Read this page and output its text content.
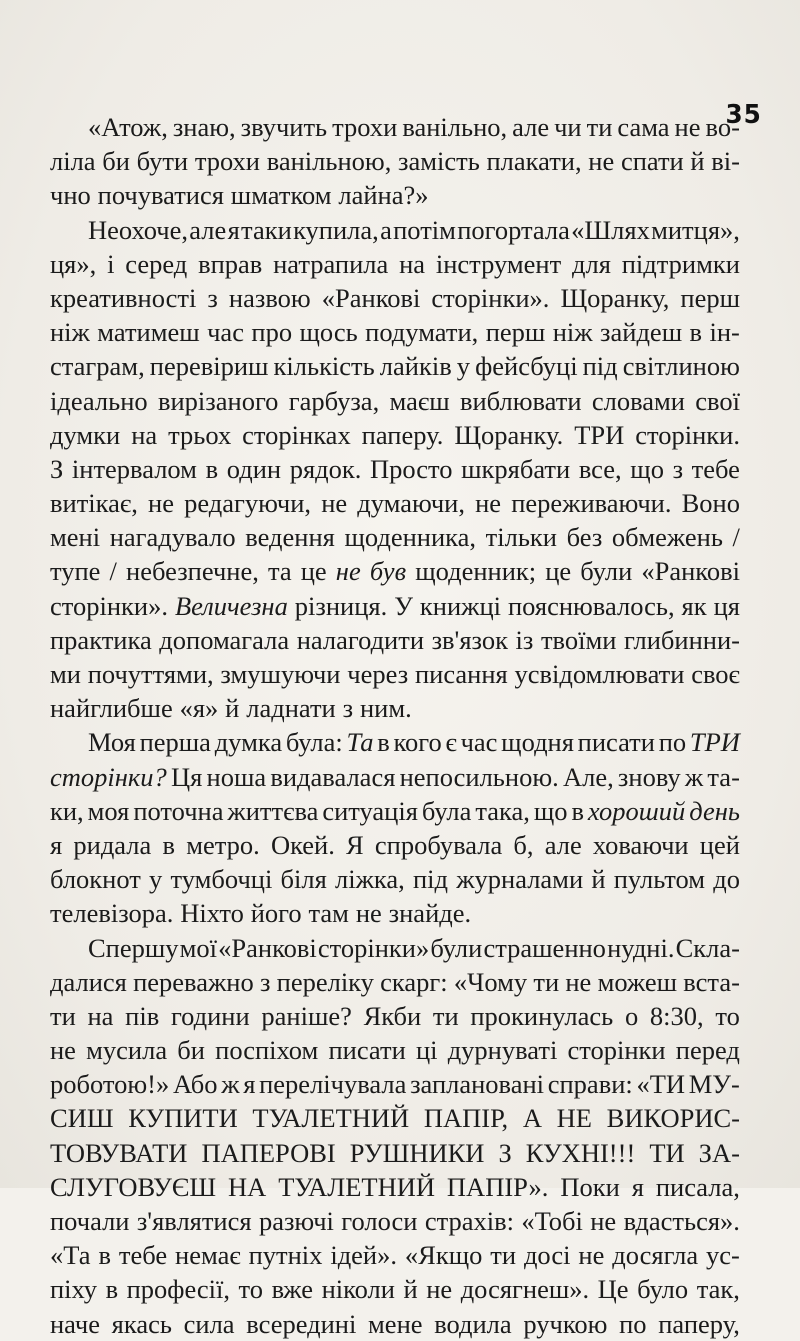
35
«Атож, знаю, звучить трохи ванільно, але чи ти сама не во-
ліла би бути трохи ванільною, замість плакати, не спати й ві-
чно почуватися шматком лайна?»
Неохоче, але я таки купила, а потім погортала «Шлях митця»,
ця», і серед вправ натрапила на інструмент для підтримки
креативності з назвою «Ранкові сторінки». Щоранку, перш
ніж матимеш час про щось подумати, перш ніж зайдеш в ін-
стаграм, перевіриш кількість лайків у фейсбуці під світлиною
ідеально вирізаного гарбуза, маєш виблювати словами свої
думки на трьох сторінках паперу. Щоранку. ТРИ сторінки.
З інтервалом в один рядок. Просто шкрябати все, що з тебе
витікає, не редагуючи, не думаючи, не переживаючи. Воно
мені нагадувало ведення щоденника, тільки без обмежень /
тупе / небезпечне, та це не був щоденник; це були «Ранкові
сторінки». Величезна різниця. У книжці пояснювалось, як ця
практика допомагала налагодити зв'язок із твоїми глибинни-
ми почуттями, змушуючи через писання усвідомлювати своє
найглибше «я» й ладнати з ним.
Моя перша думка була: Та в кого є час щодня писати по ТРИ
сторінки? Ця ноша видавалася непосильною. Але, знову ж та-
ки, моя поточна життєва ситуація була така, що в хороший день
я ридала в метро. Окей. Я спробувала б, але ховаючи цей
блокнот у тумбочці біля ліжка, під журналами й пультом до
телевізора. Ніхто його там не знайде.
Спершу мої «Ранкові сторінки» були страшенно нудні. Скла-
далися переважно з переліку скарг: «Чому ти не можеш вста-
ти на пів години раніше? Якби ти прокинулась о 8:30, то
не мусила би поспіхом писати ці дурнуваті сторінки перед
роботою!» Або ж я перелічувала заплановані справи: «ТИ МУ-
СИШ КУПИТИ ТУАЛЕТНИЙ ПАПІР, А НЕ ВИКОРИС-
ТОВУВАТИ ПАПЕРОВІ РУШНИКИ З КУХНІ!!! ТИ ЗА-
СЛУГОВУЄШ НА ТУАЛЕТНИЙ ПАПІР». Поки я писала,
почали з'являтися разючі голоси страхів: «Тобі не вдасться».
«Та в тебе немає путніх ідей». «Якщо ти досі не досягла ус-
піху в професії, то вже ніколи й не досягнеш». Це було так,
наче якась сила всередині мене водила ручкою по паперу,
